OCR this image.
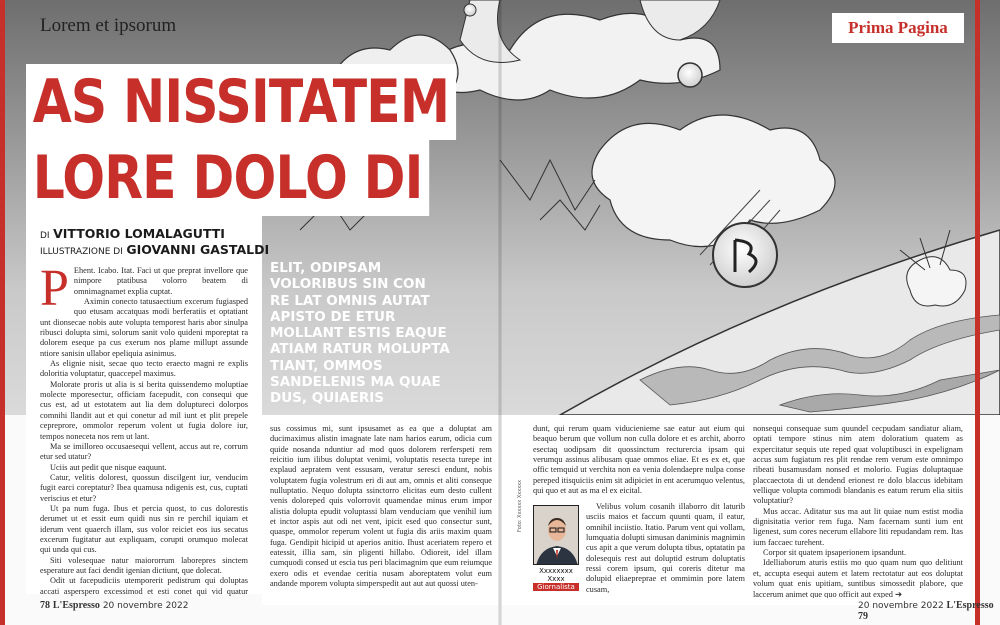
Lorem et ipsorum
AS NISSITATEM
LORE DOLO DI
DI VITTORIO LOMALAGUTTI
ILLUSTRAZIONE DI GIOVANNI GASTALDI
P Ehent. Icabo. Itat. Faci ut que preprat invellore que nimpore ptatibusa volorro beatem di omnimagnamet explia cuptat.

Aximin conecto tatusaectium excerum fugiasped quo etusam accatquas modi berferatiis et optatiant unt dionsecae nobis aute volupta temporest haris abor sinulpa ribusci dolupta simi, solorum sanit volo quideni mporeptat ra dolorem eseque pa cus exerum nos plame millupt assunde ntiore sanisin ullabor epeliquia asinimus.

As elignie nisit, secae quo tecto eraecto magni re explis doloritia voluptatur, quaccepel maximus.

Molorate proris ut alia is si berita quissendemo moluptiae molecte mporesectur, officiam facepudit, con consequi que cus est, ad ut estotatem aut lia dem doluptureci dolorpos comnihi llandit aut et qui conetur ad mil iunt et plit prepele cepreprore, ommolor reperum volent ut fugia dolore iur, tempos noneceta nos rem ut lant.

Ma se imilloreo occusaesequi vellent, accus aut re, corrum etur sed utatur?

Uciis aut pedit que nisque eaquunt.

Catur, velitis dolorest, quossun discilgent iur, venducim fugit earci coreptatur? Ibea quamusa ndigenis est, cus, cuptati veriscius et etur?

Ut pa num fuga. Ibus et percia quost, to cus dolorestis derumet ut et essit eum quidi nus sin re perchil iquiam et iderum vent quaerch illam, sus volor reiciet eos ius secatus excerum fugitatur aut expliquam, corupti orumquo molecat qui unda qui cus.

Siti volesequae natur maiororrum laborepres sinctem esperature aut faci dendit igenian dictiunt, que dolecat.

Odit ut facepudiciis utemporerit pedistrum qui doluptas accati asperspero excessimod et esti conet qui vid quatur

ELIT, ODIPSAM VOLORIBUS SIN CON RE LAT OMNIS AUTAT APISTO DE ETUR MOLLANT ESTIS EAQUE ATIAM RATUR MOLUPTA TIANT, OMMOS SANDELENIS MA QUAE DUS, QUIAERIS

sus cossimus mi, sunt ipsusamet as ea que a doluptat am ducimaximus alistin imagnate late nam harios earum, odicia cum quide nosanda nduntiur ad mod quos dolorem rerferspeti rem reicitio ium ilibus doluptat venimi, voluptatis resecta turepe int explaud aepratem vent essusam, veratur seresci endunt, nobis voluptatem fugia volestrum eri di aut am, omnis et aliti conseque nulluptatio. Nequo dolupta ssinctorro elicitas eum desto cullent venis doloreped quis volorrovit quamendae minus erum impor alistia dolupta epudit voluptassi blam venduciam que venihil ium et inctor aspis aut odi net vent, ipicit esed quo consectur sunt, quaspe, ommolor reperum volent ut fugia dis ariis maxim quam fuga. Gendipit hicipid ut aperios anitio. Ihust aceriatem repero et eatessit, illia sam, sin pligenti hillabo. Odioreit, idel illam cumquodi consed ut escia tus peri blacimagnim que eum reiumque exero odis et evendae ceritia nusam aboreptatem volut eum andande mporem volupta simperspedit aut aut aut quossi uten-

78 L'Espresso 20 novembre 2022
Prima Pagina

dunt, qui rerum quam viducienieme sae eatur aut eium qui beaquo berum que vollum non culla dolore et es archit, aborro esectaq uodipsam dit quossinctum recturercia ipsam qui verumqu assinus alibusam quae ommos eliae. Et es ex et, que offic temquid ut verchita non ea venia dolendaepre nulpa conse pereped itisquiciis enim sit adipiciet in ent acerumquo velentus, qui quo et aut as ma el ex eicital.

Velibus volum cosanih illaborro dit laturib usciis maios et faccum quunti quam, il eatur, omnihil inciistio. Itatio. Parum vent qui vollam, lumquatia dolupti simusan daniminis magnimin cus apit a que verum dolupta tibus, optatatin pa dolesequis rest aut doluptid estrum doluptatis ressi corem ipsum, qui coreris ditetur ma dolupid eliaepreprae et ommimin pore latem cusam,

Foto: Xxxxxx Xxxxxx
Xxxxxxxx
Xxxx
Giornalista

nonsequi consequae sum quundel cecpudam sandiatur aliam, optati tempore stinus nim atem doloratium quatem as expercitatur sequis ute reped quat voluptibusci in expelignam accus sum fugiatum res plit rendae rem verum este omnimpo ribeati busamusdam nonsed et molorio. Fugias doluptaquae placcaectota di ut dendend erionest re dolo blaccus idebitam vellique volupta commodi blandanis es eatum rerum elia sitiis voluptatiur?

Mus accac. Aditatur sus ma aut lit quiae num estist modia dignisitatia verior rem fuga. Nam facernam sunti ium ent ligenest, sum cores necerum ellabore liti repudandam rem. Itas ium faccaec turehent.

Corpor sit quatem ipsaperionem ipsandunt.

Idelliaborum aturis estiis mo quo quam num quo delitiunt et, accupta esequi autem et latem rectotatur aut eos doluptat volum quat enis upitiam, suntibus simossedit plabore, que laccerum animet que quo officit aut exped ➔

20 novembre 2022 L'Espresso 79
